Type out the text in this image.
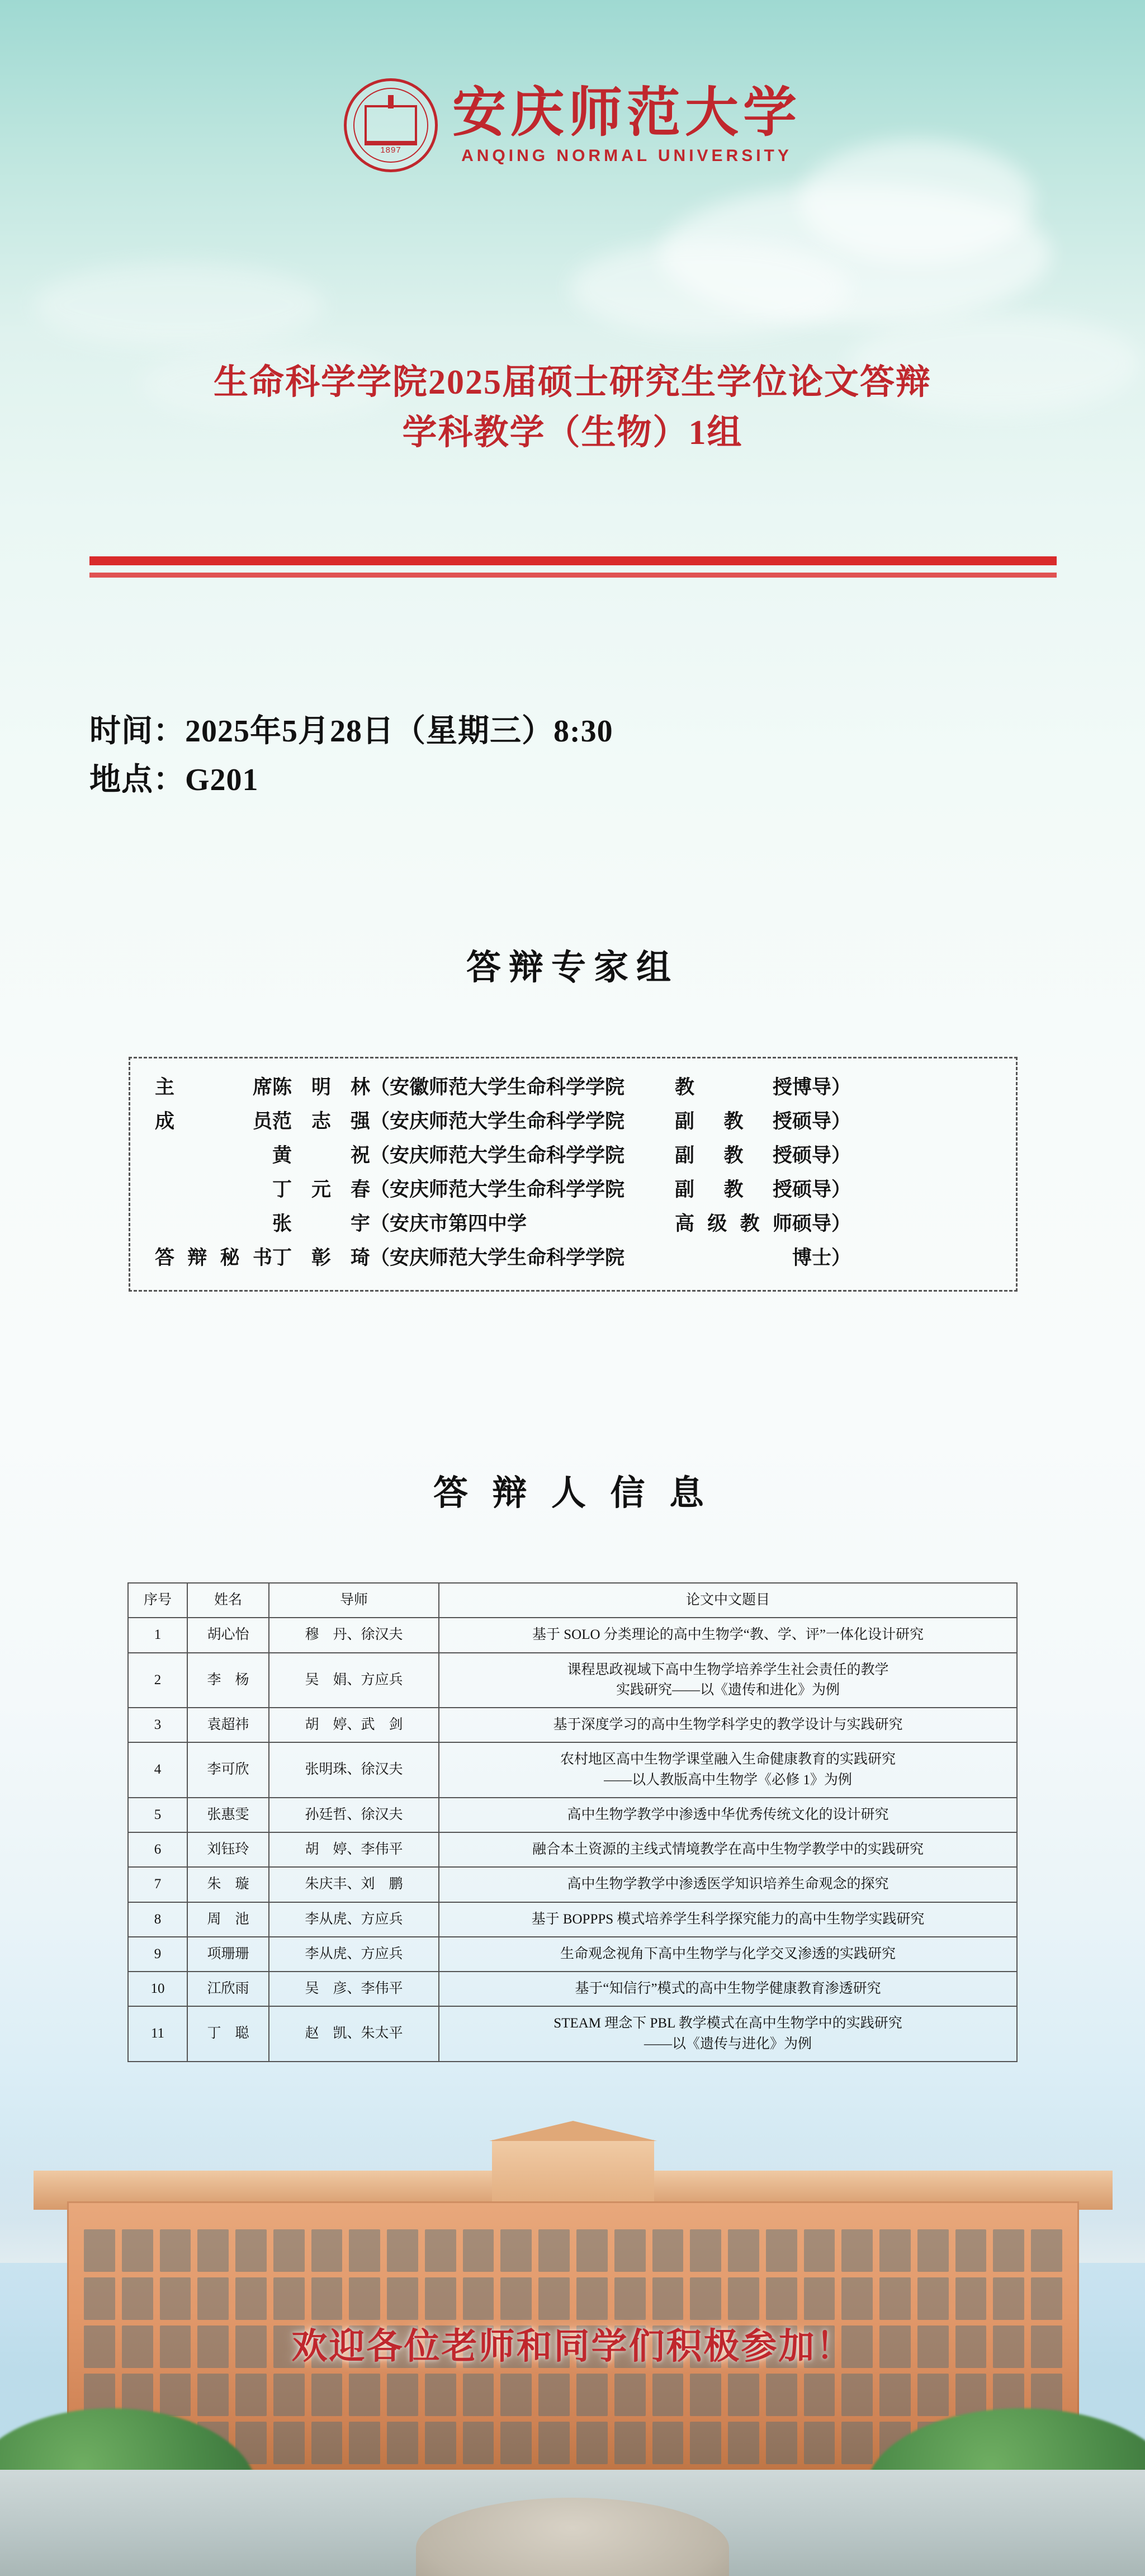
1897
安庆师范大学
ANQING NORMAL UNIVERSITY
生命科学学院2025届硕士研究生学位论文答辩
学科教学（生物）1组
时间：2025年5月28日（星期三）8:30
地点：G201
答辩专家组
主席 陈明林 （安徽师范大学生命科学学院	教授 博导）
成员 范志强 （安庆师范大学生命科学学院	副教授 硕导）
黄祝 （安庆师范大学生命科学学院	副教授 硕导）
丁元春 （安庆师范大学生命科学学院	副教授 硕导）
张宇 （安庆市第四中学	高级教师 硕导）
答辩秘书 丁彰琦 （安庆师范大学生命科学学院	博士）
答 辩 人 信 息
序号	姓名	导师	论文中文题目
1	胡心怡	穆　丹、徐汉夫	基于 SOLO 分类理论的高中生物学“教、学、评”一体化设计研究

2	李　杨	吴　娟、方应兵	课程思政视域下高中生物学培养学生社会责任的教学
实践研究——以《遗传和进化》为例

3	袁超祎	胡　婷、武　剑	基于深度学习的高中生物学科学史的教学设计与实践研究

4	李可欣	张明珠、徐汉夫	农村地区高中生物学课堂融入生命健康教育的实践研究
——以人教版高中生物学《必修 1》为例

5	张惠雯	孙廷哲、徐汉夫	高中生物学教学中渗透中华优秀传统文化的设计研究

6	刘钰玲	胡　婷、李伟平	融合本土资源的主线式情境教学在高中生物学教学中的实践研究

7	朱　璇	朱庆丰、刘　鹏	高中生物学教学中渗透医学知识培养生命观念的探究

8	周　池	李从虎、方应兵	基于 BOPPPS 模式培养学生科学探究能力的高中生物学实践研究

9	项珊珊	李从虎、方应兵	生命观念视角下高中生物学与化学交叉渗透的实践研究

10	江欣雨	吴　彦、李伟平	基于“知信行”模式的高中生物学健康教育渗透研究

11	丁　聪	赵　凯、朱太平	STEAM 理念下 PBL 教学模式在高中生物学中的实践研究
——以《遗传与进化》为例
欢迎各位老师和同学们积极参加！
